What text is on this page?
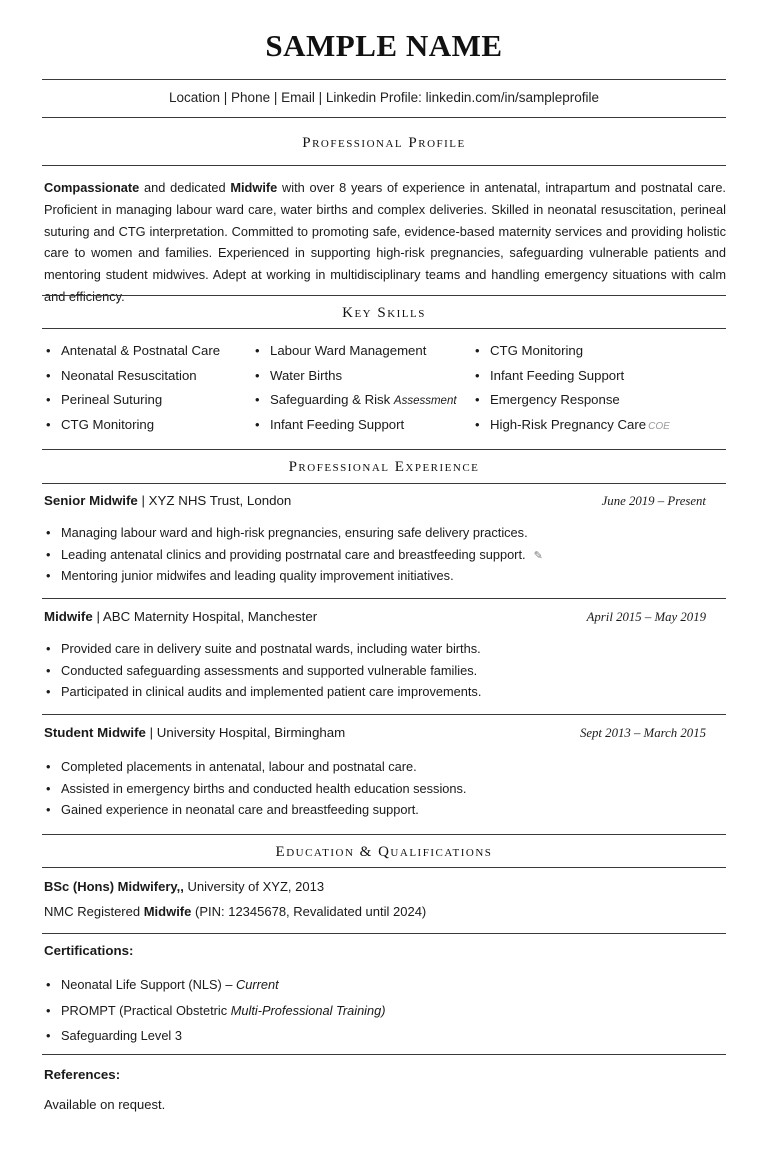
SAMPLE NAME
Location | Phone | Email | Linkedin Profile: linkedin.com/in/sampleprofile
Professional Profile
Compassionate and dedicated Midwife with over 8 years of experience in antenatal, intrapartum and postnatal care. Proficient in managing labour ward care, water births and complex deliveries. Skilled in neonatal resuscitation, perineal suturing and CTG interpretation. Committed to promoting safe, evidence-based maternity services and providing holistic care to women and families. Experienced in supporting high-risk pregnancies, safeguarding vulnerable patients and mentoring student midwives. Adept at working in multidisciplinary teams and handling emergency situations with calm and efficiency.
Key Skills
• Antenatal & Postnatal Care
• Neonatal Resuscitation
• Perineal Suturing
• CTG Monitoring
• Labour Ward Management
• Water Births
• Safeguarding & Risk Assessment
• Infant Feeding Support
• CTG Monitoring
• Infant Feeding Support
• Emergency Response
• High-Risk Pregnancy Care COE
Professional Experience
Senior Midwife | XYZ NHS Trust, London	June 2019 – Present
• Managing labour ward and high-risk pregnancies, ensuring safe delivery practices.
• Leading antenatal clinics and providing postrnatal care and breastfeeding support. ✎
• Mentoring junior midwifes and leading quality improvement initiatives.
Midwife | ABC Maternity Hospital, Manchester	April 2015 – May 2019
• Provided care in delivery suite and postnatal wards, including water births.
• Conducted safeguarding assessments and supported vulnerable families.
• Participated in clinical audits and implemented patient care improvements.
Student Midwife | University Hospital, Birmingham	Sept 2013 – March 2015
• Completed placements in antenatal, labour and postnatal care.
• Assisted in emergency births and conducted health education sessions.
• Gained experience in neonatal care and breastfeeding support.
Education & Qualifications
BSc (Hons) Midwifery,, University of XYZ, 2013
NMC Registered Midwife (PIN: 12345678, Revalidated until 2024)
Certifications:
• Neonatal Life Support (NLS) – Current
• PROMPT (Practical Obstetric Multi-Professional Training)
• Safeguarding Level 3
References:
Available on request.
